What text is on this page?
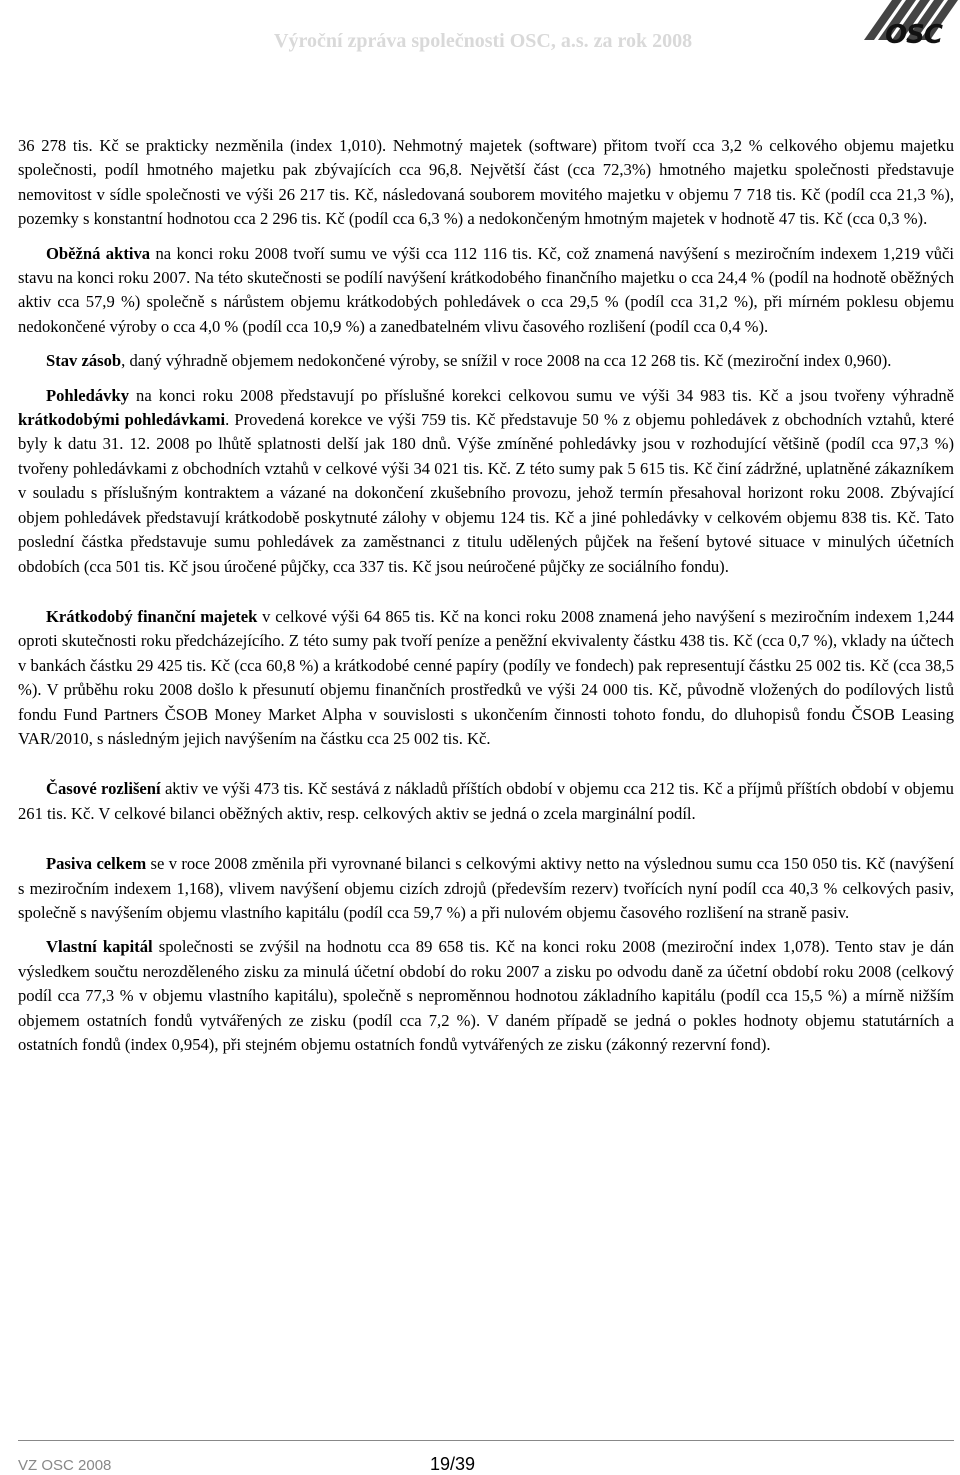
Výroční zpráva společnosti OSC, a.s. za rok 2008	OSC

36 278 tis. Kč se prakticky nezměnila (index 1,010). Nehmotný majetek (software) přitom tvoří cca 3,2 % celkového objemu majetku společnosti, podíl hmotného majetku pak zbývajících cca 96,8. Největší část (cca 72,3%) hmotného majetku společnosti představuje nemovitost v sídle společnosti ve výši 26 217 tis. Kč, následovaná souborem movitého majetku v objemu 7 718 tis. Kč (podíl cca 21,3 %), pozemky s konstantní hodnotou cca 2 296 tis. Kč (podíl cca 6,3 %) a nedokončeným hmotným majetek v hodnotě 47 tis. Kč (cca 0,3 %).

Oběžná aktiva na konci roku 2008 tvoří sumu ve výši cca 112 116 tis. Kč, což znamená navýšení s meziročním indexem 1,219 vůči stavu na konci roku 2007. Na této skutečnosti se podílí navýšení krátkodobého finančního majetku o cca 24,4 % (podíl na hodnotě oběžných aktiv cca 57,9 %) společně s nárůstem objemu krátkodobých pohledávek o cca 29,5 % (podíl cca 31,2 %), při mírném poklesu objemu nedokončené výroby o cca 4,0 % (podíl cca 10,9 %) a zanedbatelném vlivu časového rozlišení (podíl cca 0,4 %).

Stav zásob, daný výhradně objemem nedokončené výroby, se snížil v roce 2008 na cca 12 268 tis. Kč (meziroční index 0,960).

Pohledávky na konci roku 2008 představují po příslušné korekci celkovou sumu ve výši 34 983 tis. Kč a jsou tvořeny výhradně krátkodobými pohledávkami. Provedená korekce ve výši 759 tis. Kč představuje 50 % z objemu pohledávek z obchodních vztahů, které byly k datu 31. 12. 2008 po lhůtě splatnosti delší jak 180 dnů. Výše zmíněné pohledávky jsou v rozhodující většině (podíl cca 97,3 %) tvořeny pohledávkami z obchodních vztahů v celkové výši 34 021 tis. Kč. Z této sumy pak 5 615 tis. Kč činí zádržné, uplatněné zákazníkem v souladu s příslušným kontraktem a vázané na dokončení zkušebního provozu, jehož termín přesahoval horizont roku 2008. Zbývající objem pohledávek představují krátkodobě poskytnuté zálohy v objemu 124 tis. Kč a jiné pohledávky v celkovém objemu 838 tis. Kč. Tato poslední částka představuje sumu pohledávek za zaměstnanci z titulu udělených půjček na řešení bytové situace v minulých účetních obdobích (cca 501 tis. Kč jsou úročené půjčky, cca 337 tis. Kč jsou neúročené půjčky ze sociálního fondu).

Krátkodobý finanční majetek v celkové výši 64 865 tis. Kč na konci roku 2008 znamená jeho navýšení s meziročním indexem 1,244 oproti skutečnosti roku předcházejícího. Z této sumy pak tvoří peníze a peněžní ekvivalenty částku 438 tis. Kč (cca 0,7 %), vklady na účtech v bankách částku 29 425 tis. Kč (cca 60,8 %) a krátkodobé cenné papíry (podíly ve fondech) pak representují částku 25 002 tis. Kč (cca 38,5 %). V průběhu roku 2008 došlo k přesunutí objemu finančních prostředků ve výši 24 000 tis. Kč, původně vložených do podílových listů fondu Fund Partners ČSOB Money Market Alpha v souvislosti s ukončením činnosti tohoto fondu, do dluhopisů fondu ČSOB Leasing VAR/2010, s následným jejich navýšením na částku cca 25 002 tis. Kč.

Časové rozlišení aktiv ve výši 473 tis. Kč sestává z nákladů příštích období v objemu cca 212 tis. Kč a příjmů příštích období v objemu 261 tis. Kč. V celkové bilanci oběžných aktiv, resp. celkových aktiv se jedná o zcela marginální podíl.

Pasiva celkem se v roce 2008 změnila při vyrovnané bilanci s celkovými aktivy netto na výslednou sumu cca 150 050 tis. Kč (navýšení s meziročním indexem 1,168), vlivem navýšení objemu cizích zdrojů (především rezerv) tvořících nyní podíl cca 40,3 % celkových pasiv, společně s navýšením objemu vlastního kapitálu (podíl cca 59,7 %) a při nulovém objemu časového rozlišení na straně pasiv.

Vlastní kapitál společnosti se zvýšil na hodnotu cca 89 658 tis. Kč na konci roku 2008 (meziroční index 1,078). Tento stav je dán výsledkem součtu nerozděleného zisku za minulá účetní období do roku 2007 a zisku po odvodu daně za účetní období roku 2008 (celkový podíl cca 77,3 % v objemu vlastního kapitálu), společně s neproměnnou hodnotou základního kapitálu (podíl cca 15,5 %) a mírně nižším objemem ostatních fondů vytvářených ze zisku (podíl cca 7,2 %). V daném případě se jedná o pokles hodnoty objemu statutárních a ostatních fondů (index 0,954), při stejném objemu ostatních fondů vytvářených ze zisku (zákonný rezervní fond).

VZ OSC 2008	19/39
